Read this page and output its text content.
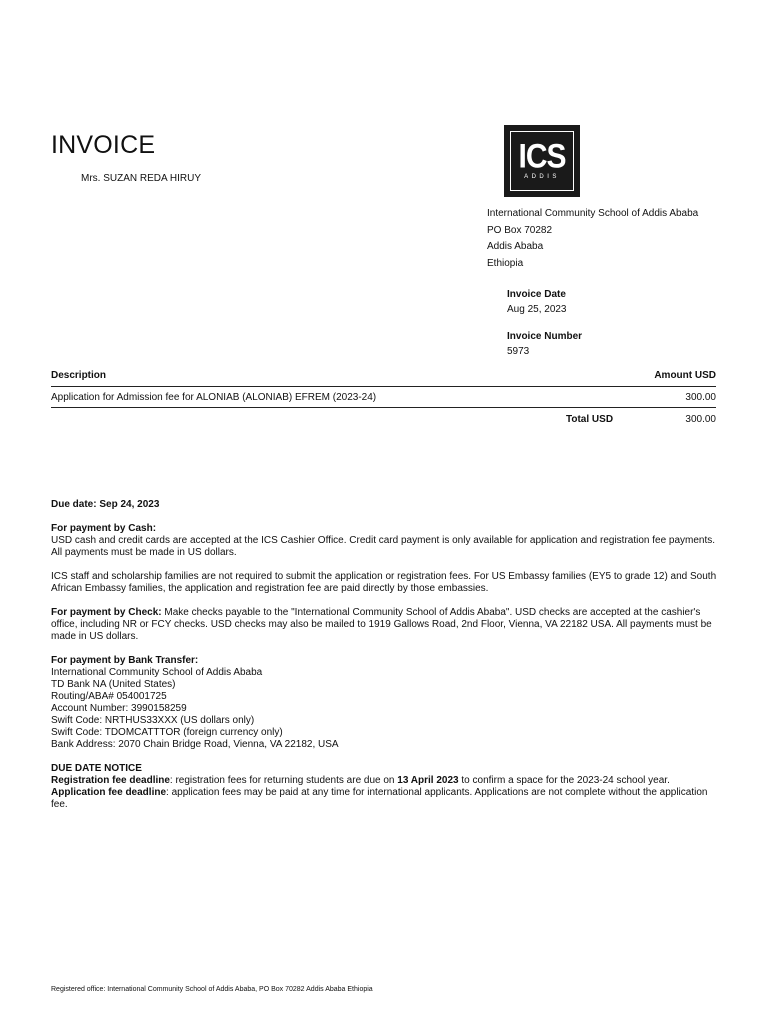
INVOICE
Mrs. SUZAN REDA HIRUY
ICS
ADDIS
International Community School of Addis Ababa
PO Box 70282
Addis Ababa
Ethiopia
Invoice Date
Aug 25, 2023
Invoice Number
5973
Description	Amount USD
Application for Admission fee for ALONIAB (ALONIAB) EFREM (2023-24)	300.00
Total USD	300.00

Due date: Sep 24, 2023

For payment by Cash:
USD cash and credit cards are accepted at the ICS Cashier Office. Credit card payment is only available for application and registration fee payments. All payments must be made in US dollars.

ICS staff and scholarship families are not required to submit the application or registration fees. For US Embassy families (EY5 to grade 12) and South African Embassy families, the application and registration fee are paid directly by those embassies.

For payment by Check: Make checks payable to the "International Community School of Addis Ababa". USD checks are accepted at the cashier's office, including NR or FCY checks. USD checks may also be mailed to 1919 Gallows Road, 2nd Floor, Vienna, VA 22182 USA. All payments must be made in US dollars.

For payment by Bank Transfer:
International Community School of Addis Ababa
TD Bank NA (United States)
Routing/ABA# 054001725
Account Number: 3990158259
Swift Code: NRTHUS33XXX (US dollars only)
Swift Code: TDOMCATTTOR (foreign currency only)
Bank Address: 2070 Chain Bridge Road, Vienna, VA 22182, USA

DUE DATE NOTICE
Registration fee deadline: registration fees for returning students are due on 13 April 2023 to confirm a space for the 2023-24 school year.
Application fee deadline: application fees may be paid at any time for international applicants. Applications are not complete without the application fee.

Registered office: International Community School of Addis Ababa, PO Box 70282 Addis Ababa Ethiopia
